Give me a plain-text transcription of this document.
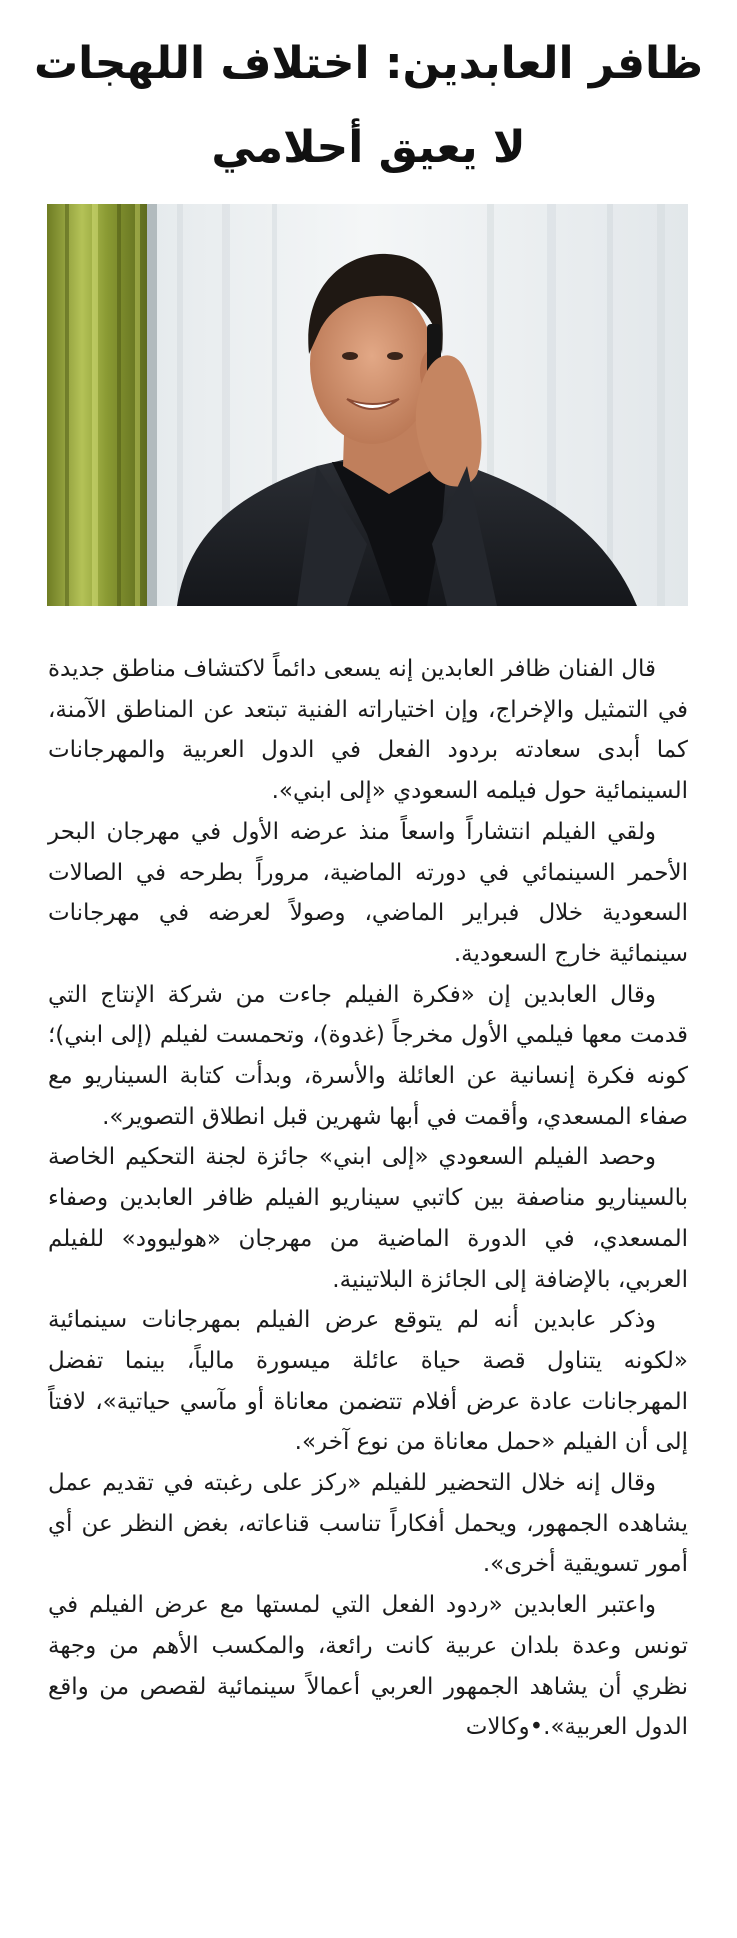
ظافر العابدين: اختلاف اللهجات
لا يعيق أحلامي

قال الفنان ظافر العابدين إنه يسعى دائماً لاكتشاف مناطق جديدة في التمثيل والإخراج، وإن اختياراته الفنية تبتعد عن المناطق الآمنة، كما أبدى سعادته بردود الفعل في الدول العربية والمهرجانات السينمائية حول فيلمه السعودي «إلى ابني».

ولقي الفيلم انتشاراً واسعاً منذ عرضه الأول في مهرجان البحر الأحمر السينمائي في دورته الماضية، مروراً بطرحه في الصالات السعودية خلال فبراير الماضي، وصولاً لعرضه في مهرجانات سينمائية خارج السعودية.

وقال العابدين إن «فكرة الفيلم جاءت من شركة الإنتاج التي قدمت معها فيلمي الأول مخرجاً (غدوة)، وتحمست لفيلم (إلى ابني)؛ كونه فكرة إنسانية عن العائلة والأسرة، وبدأت كتابة السيناريو مع صفاء المسعدي، وأقمت في أبها شهرين قبل انطلاق التصوير».

وحصد الفيلم السعودي «إلى ابني» جائزة لجنة التحكيم الخاصة بالسيناريو مناصفة بين كاتبي سيناريو الفيلم ظافر العابدين وصفاء المسعدي، في الدورة الماضية من مهرجان «هوليوود» للفيلم العربي، بالإضافة إلى الجائزة البلاتينية.

وذكر عابدين أنه لم يتوقع عرض الفيلم بمهرجانات سينمائية «لكونه يتناول قصة حياة عائلة ميسورة مالياً، بينما تفضل المهرجانات عادة عرض أفلام تتضمن معاناة أو مآسي حياتية»، لافتاً إلى أن الفيلم «حمل معاناة من نوع آخر».

وقال إنه خلال التحضير للفيلم «ركز على رغبته في تقديم عمل يشاهده الجمهور، ويحمل أفكاراً تناسب قناعاته، بغض النظر عن أي أمور تسويقية أخرى».

واعتبر العابدين «ردود الفعل التي لمستها مع عرض الفيلم في تونس وعدة بلدان عربية كانت رائعة، والمكسب الأهم من وجهة نظري أن يشاهد الجمهور العربي أعمالاً سينمائية لقصص من واقع الدول العربية».•وكالات
